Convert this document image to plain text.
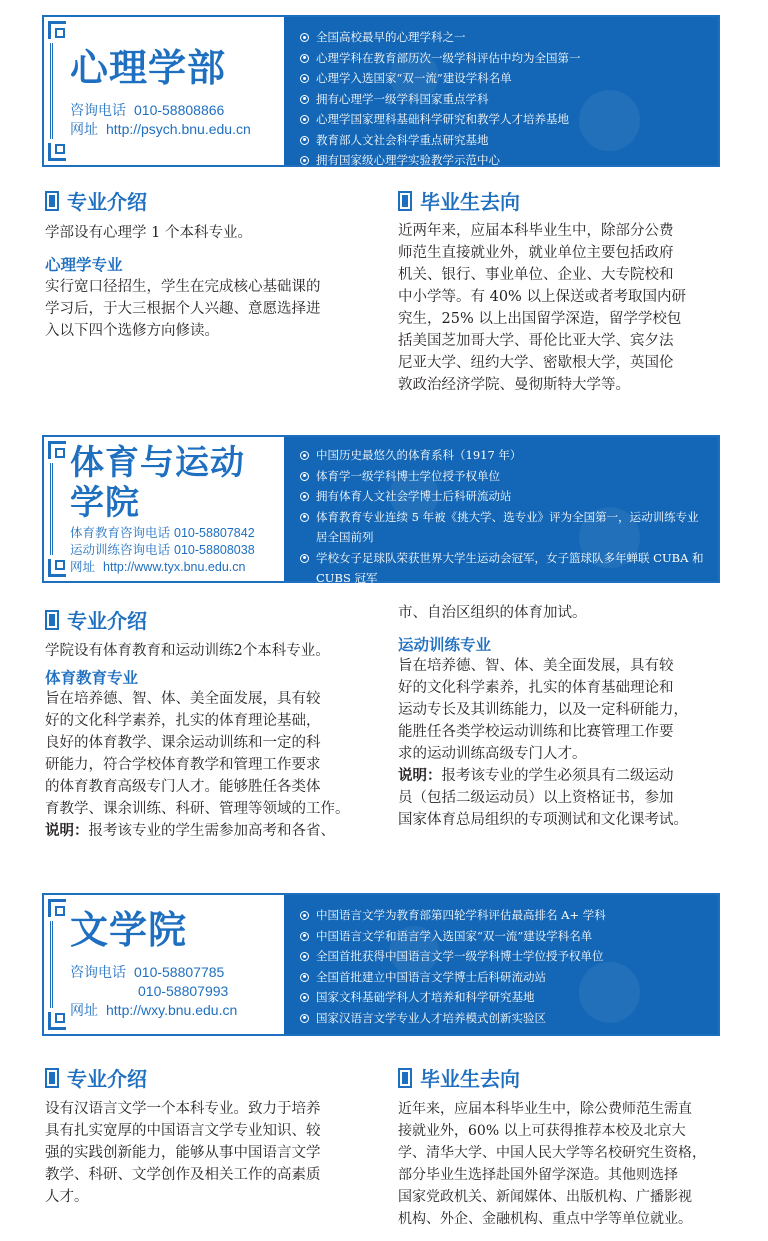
心理学部
咨询电话 010-58808866
网址 http://psych.bnu.edu.cn
全国高校最早的心理学科之一
心理学科在教育部历次一级学科评估中均为全国第一
心理学入选国家“双一流”建设学科名单
拥有心理学一级学科国家重点学科
心理学国家理科基础科学研究和教学人才培养基地
教育部人文社会科学重点研究基地
拥有国家级心理学实验教学示范中心
专业介绍
学部设有心理学 1 个本科专业。
心理学专业
实行宽口径招生，学生在完成核心基础课的
学习后，于大三根据个人兴趣、意愿选择进
入以下四个选修方向修读。
毕业生去向
近两年来，应届本科毕业生中，除部分公费
师范生直接就业外，就业单位主要包括政府
机关、银行、事业单位、企业、大专院校和
中小学等。有 40% 以上保送或者考取国内研
究生，25% 以上出国留学深造，留学学校包
括美国芝加哥大学、哥伦比亚大学、宾夕法
尼亚大学、纽约大学、密歇根大学，英国伦
敦政治经济学院、曼彻斯特大学等。
体育与运动
学院
体育教育咨询电话 010-58807842
运动训练咨询电话 010-58808038
网址 http://www.tyx.bnu.edu.cn
中国历史最悠久的体育系科（1917 年）
体育学一级学科博士学位授予权单位
拥有体育人文社会学博士后科研流动站
体育教育专业连续 5 年被《挑大学、选专业》评为全国第一，运动训练专业居全国前列
学校女子足球队荣获世界大学生运动会冠军，女子篮球队多年蝉联 CUBA 和 CUBS 冠军
专业介绍
学院设有体育教育和运动训练2个本科专业。
体育教育专业
旨在培养德、智、体、美全面发展，具有较
好的文化科学素养，扎实的体育理论基础，
良好的体育教学、课余运动训练和一定的科
研能力，符合学校体育教学和管理工作要求
的体育教育高级专门人才。能够胜任各类体
育教学、课余训练、科研、管理等领域的工作。
说明：报考该专业的学生需参加高考和各省、
市、自治区组织的体育加试。
运动训练专业
旨在培养德、智、体、美全面发展，具有较
好的文化科学素养，扎实的体育基础理论和
运动专长及其训练能力，以及一定科研能力，
能胜任各类学校运动训练和比赛管理工作要
求的运动训练高级专门人才。
说明：报考该专业的学生必须具有二级运动
员（包括二级运动员）以上资格证书，参加
国家体育总局组织的专项测试和文化课考试。
文学院
咨询电话 010-58807785
010-58807993
网址 http://wxy.bnu.edu.cn
中国语言文学为教育部第四轮学科评估最高排名 A+ 学科
中国语言文学和语言学入选国家“双一流”建设学科名单
全国首批获得中国语言文学一级学科博士学位授予权单位
全国首批建立中国语言文学博士后科研流动站
国家文科基础学科人才培养和科学研究基地
国家汉语言文学专业人才培养模式创新实验区
专业介绍
设有汉语言文学一个本科专业。致力于培养
具有扎实宽厚的中国语言文学专业知识、较
强的实践创新能力，能够从事中国语言文学
教学、科研、文学创作及相关工作的高素质
人才。
毕业生去向
近年来，应届本科毕业生中，除公费师范生需直
接就业外，60% 以上可获得推荐本校及北京大
学、清华大学、中国人民大学等名校研究生资格，
部分毕业生选择赴国外留学深造。其他则选择
国家党政机关、新闻媒体、出版机构、广播影视
机构、外企、金融机构、重点中学等单位就业。
